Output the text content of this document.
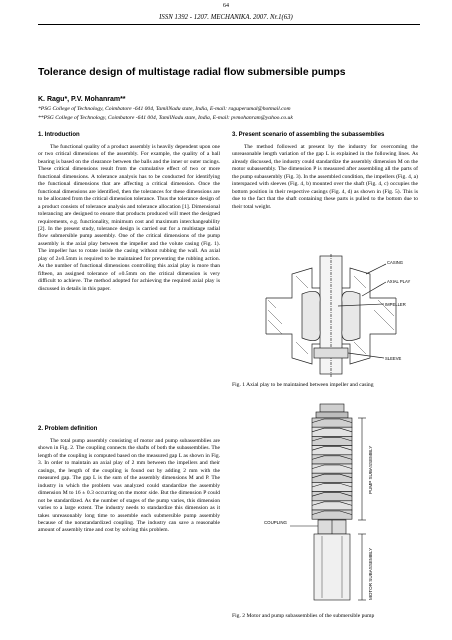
64
ISSN 1392 - 1207. MECHANIKA. 2007. Nr.1(63)
Tolerance design of multistage radial flow submersible pumps
K. Ragu*, P.V. Mohanram**
*PSG College of Technology, Coimbatore -641 004, TamilNadu state, India, E-mail: raguperumal@hotmail.com
**PSG College of Technology, Coimbatore -641 004, TamilNadu state, India, E-mail: pvmohanram@yahoo.co.uk
1. Introduction
The functional quality of a product assembly is heavily dependent upon one or two critical dimensions of the assembly. For example, the quality of a ball bearing is based on the clearance between the balls and the inner or outer racings. These critical dimensions result from the cumulative effect of two or more functional dimensions. A tolerance analysis has to be conducted for identifying the functional dimensions that are affecting a critical dimension. Once the functional dimensions are identified, then the tolerances for these dimensions are to be allocated from the critical dimension tolerance. Thus the tolerance design of a product consists of tolerance analysis and tolerance allocation [1]. Dimensional tolerancing are designed to ensure that products produced will meet the designed requirements, e.g. functionality, minimum cost and maximum interchangeability [2]. In the present study, tolerance design is carried out for a multistage radial flow submersible pump assembly. One of the critical dimensions of the pump assembly is the axial play between the impeller and the volute casing (Fig. 1). The impeller has to rotate inside the casing without rubbing the wall. An axial play of 2±0.5mm is required to be maintained for preventing the rubbing action. As the number of functional dimensions controlling this axial play is more than fifteen, an assigned tolerance of ±0.5mm on the critical dimension is very difficult to achieve. The method adopted for achieving the required axial play is discussed in details in this paper.
2. Problem definition
The total pump assembly consisting of motor and pump subassemblies are shown in Fig. 2. The coupling connects the shafts of both the subassemblies. The length of the coupling is computed based on the measured gap L as shown in Fig. 3. In order to maintain an axial play of 2 mm between the impellers and their casings, the length of the coupling is found out by adding 2 mm with the measured gap. The gap L is the sum of the assembly dimensions M and P. The industry in which the problem was analyzed could standardize the assembly dimension M to 16 ± 0.3 occurring on the motor side. But the dimension P could not be standardized. As the number of stages of the pump varies, this dimension varies to a large extent. The industry needs to standardize this dimension as it takes unreasonably long time to assemble each submersible pump assembly because of the nonstandardized coupling. The industry can save a reasonable amount of assembly time and cost by solving this problem.
3. Present scenario of assembling the subassemblies
The method followed at present by the industry for overcoming the unreasonable length variation of the gap L is explained in the following lines. As already discussed, the industry could standardize the assembly dimension M on the motor subassembly. The dimension P is measured after assembling all the parts of the pump subassembly (Fig. 3). In the assembled condition, the impellers (Fig. 4, a) interspaced with sleeves (Fig. 4, b) mounted over the shaft (Fig. 4, c) occupies the bottom position in their respective casings (Fig. 4, d) as shown in (Fig. 5). This is due to the fact that the shaft containing these parts is pulled to the bottom due to their total weight.
CASING
AXIAL PLAY
IMPELLER
SLEEVE
Fig. 1 Axial play to be maintained between impeller and casing
PUMP SUBASSEMBLY
COUPLING
MOTOR SUBASSEMBLY
Fig. 2 Motor and pump subassemblies of the submersible pump
